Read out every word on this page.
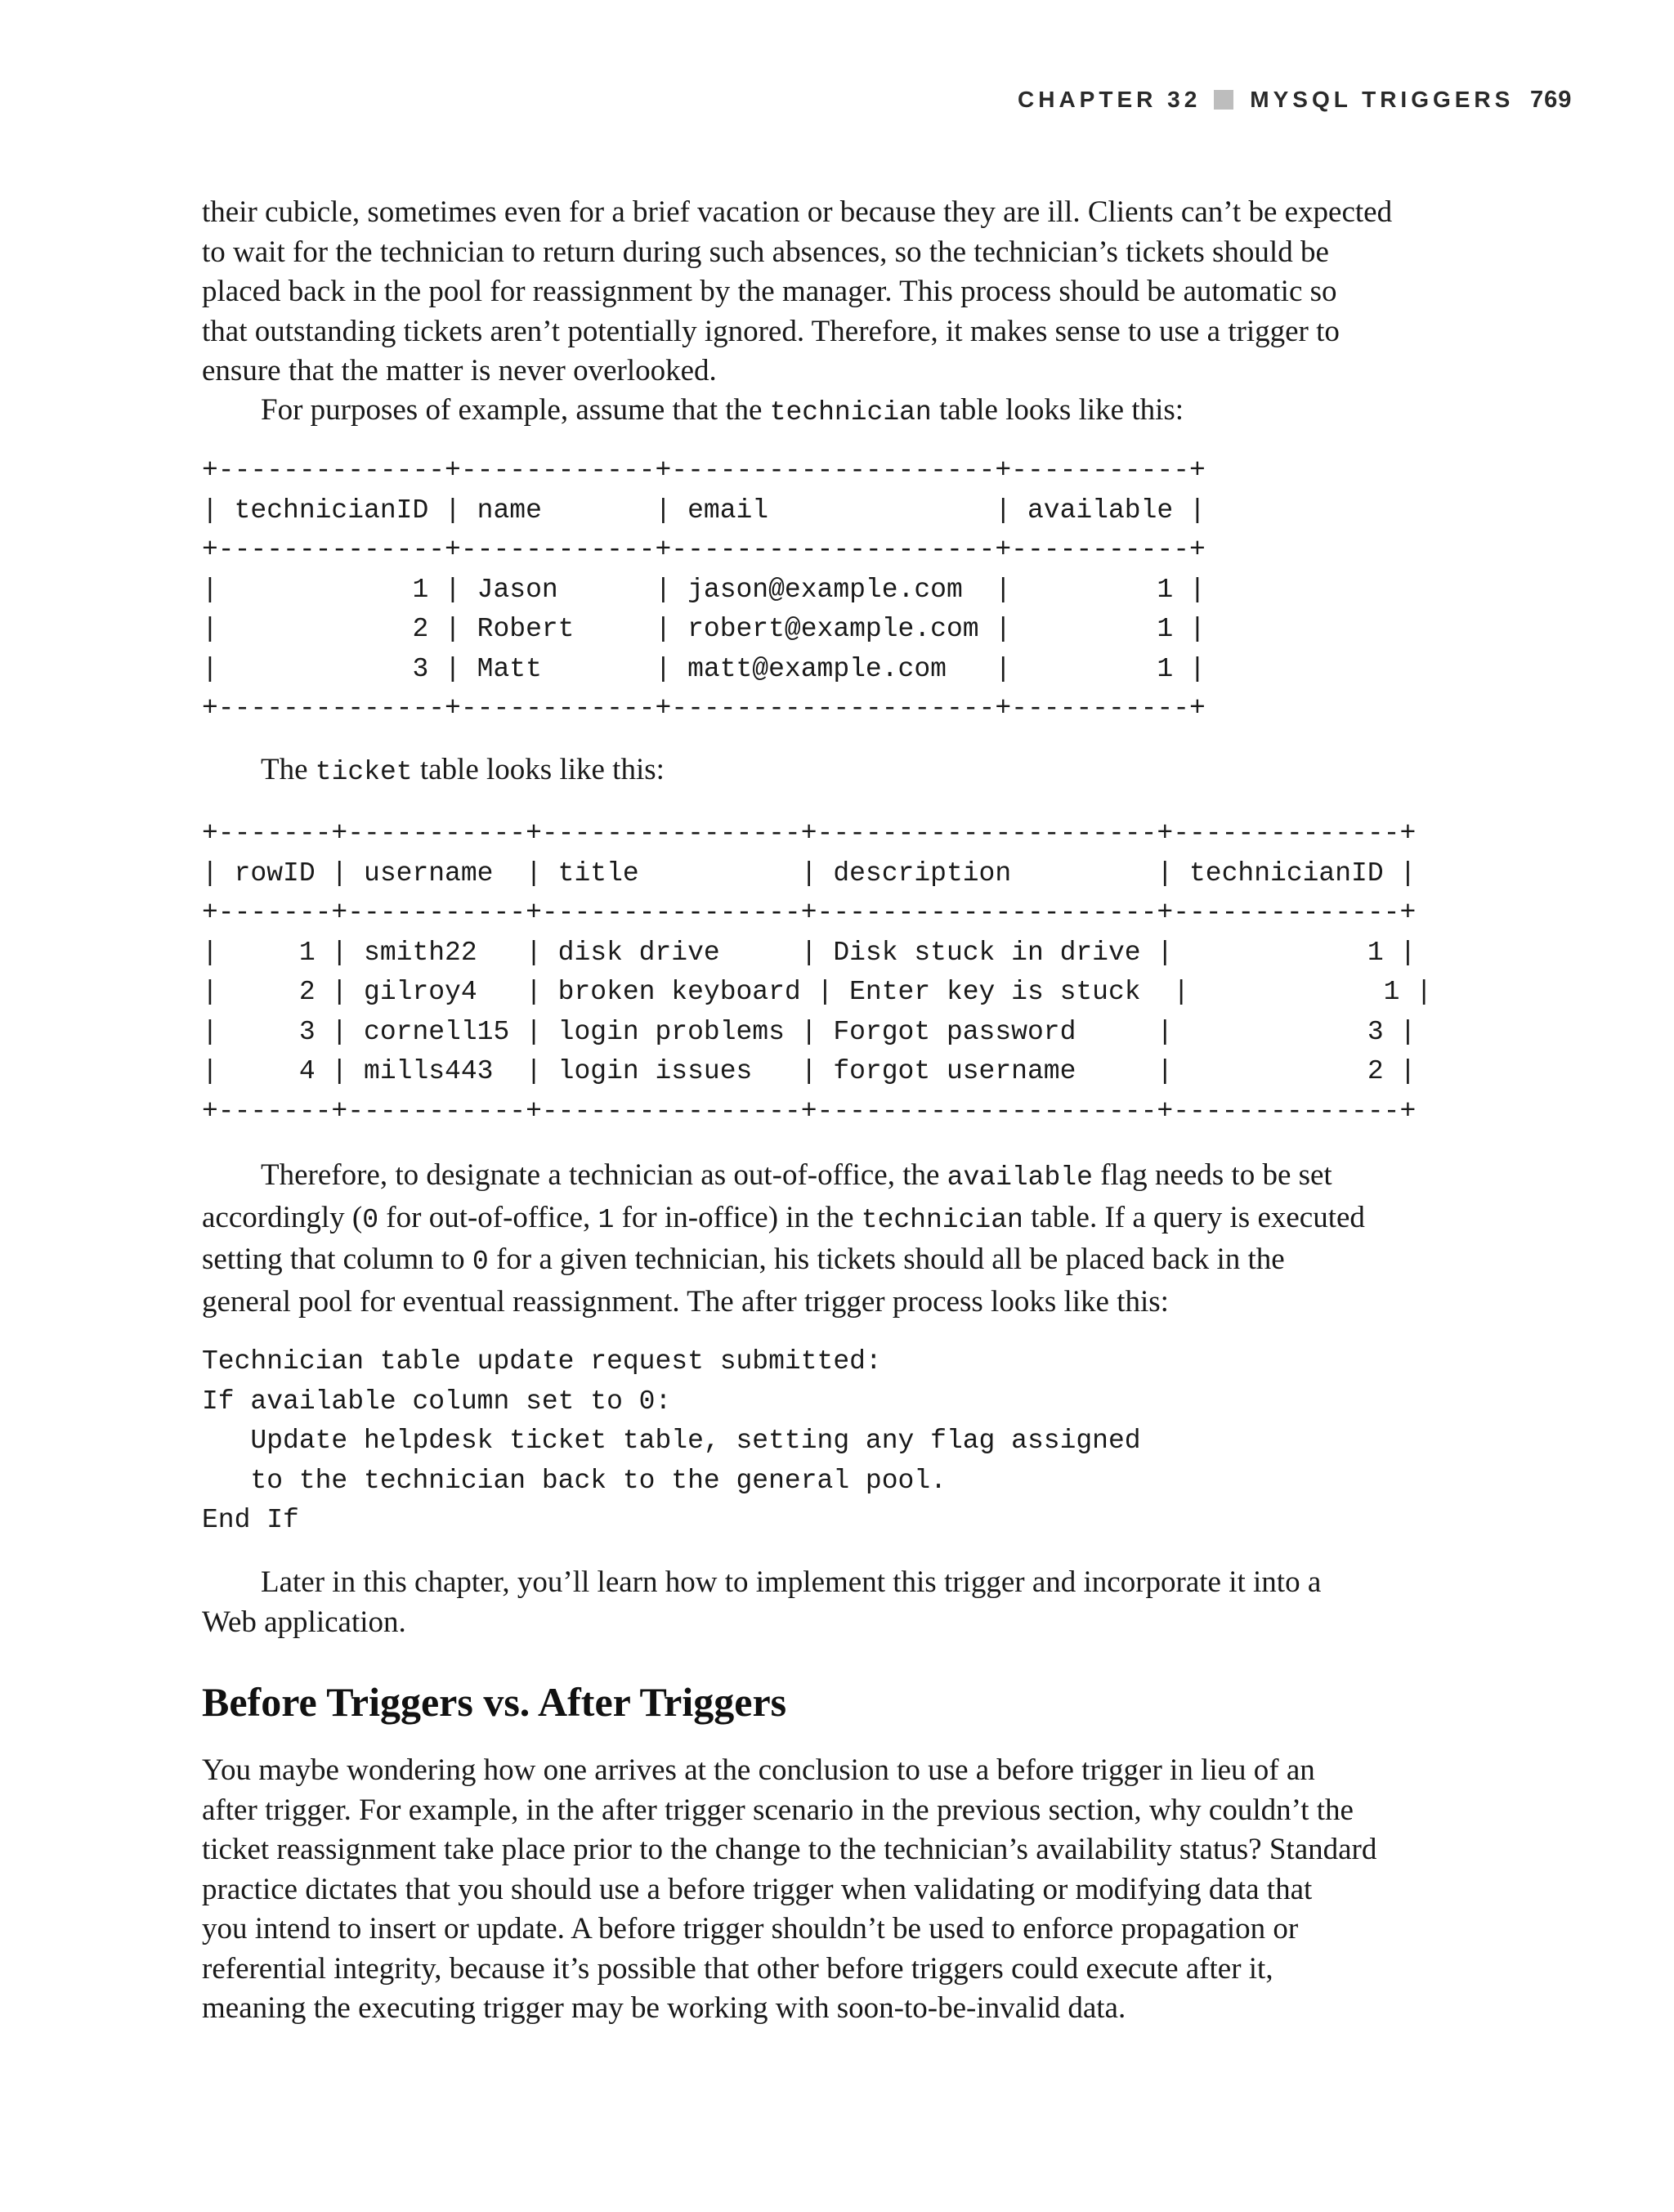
CHAPTER 32 MYSQL TRIGGERS 769

their cubicle, sometimes even for a brief vacation or because they are ill. Clients can’t be expected
to wait for the technician to return during such absences, so the technician’s tickets should be
placed back in the pool for reassignment by the manager. This process should be automatic so
that outstanding tickets aren’t potentially ignored. Therefore, it makes sense to use a trigger to
ensure that the matter is never overlooked.

For purposes of example, assume that the technician table looks like this:

+--------------+------------+--------------------+-----------+
| technicianID | name       | email              | available |
+--------------+------------+--------------------+-----------+
|            1 | Jason      | jason@example.com  |         1 |
|            2 | Robert     | robert@example.com |         1 |
|            3 | Matt       | matt@example.com   |         1 |
+--------------+------------+--------------------+-----------+

The ticket table looks like this:

+-------+-----------+----------------+---------------------+--------------+
| rowID | username  | title          | description         | technicianID |
+-------+-----------+----------------+---------------------+--------------+
|     1 | smith22   | disk drive     | Disk stuck in drive |            1 |
|     2 | gilroy4   | broken keyboard | Enter key is stuck  |            1 |
|     3 | cornell15 | login problems | Forgot password     |            3 |
|     4 | mills443  | login issues   | forgot username     |            2 |
+-------+-----------+----------------+---------------------+--------------+

Therefore, to designate a technician as out-of-office, the available flag needs to be set
accordingly (0 for out-of-office, 1 for in-office) in the technician table. If a query is executed
setting that column to 0 for a given technician, his tickets should all be placed back in the
general pool for eventual reassignment. The after trigger process looks like this:

Technician table update request submitted:
If available column set to 0:
Update helpdesk ticket table, setting any flag assigned
to the technician back to the general pool.
End If

Later in this chapter, you’ll learn how to implement this trigger and incorporate it into a
Web application.

Before Triggers vs. After Triggers

You maybe wondering how one arrives at the conclusion to use a before trigger in lieu of an
after trigger. For example, in the after trigger scenario in the previous section, why couldn’t the
ticket reassignment take place prior to the change to the technician’s availability status? Standard
practice dictates that you should use a before trigger when validating or modifying data that
you intend to insert or update. A before trigger shouldn’t be used to enforce propagation or
referential integrity, because it’s possible that other before triggers could execute after it,
meaning the executing trigger may be working with soon-to-be-invalid data.
